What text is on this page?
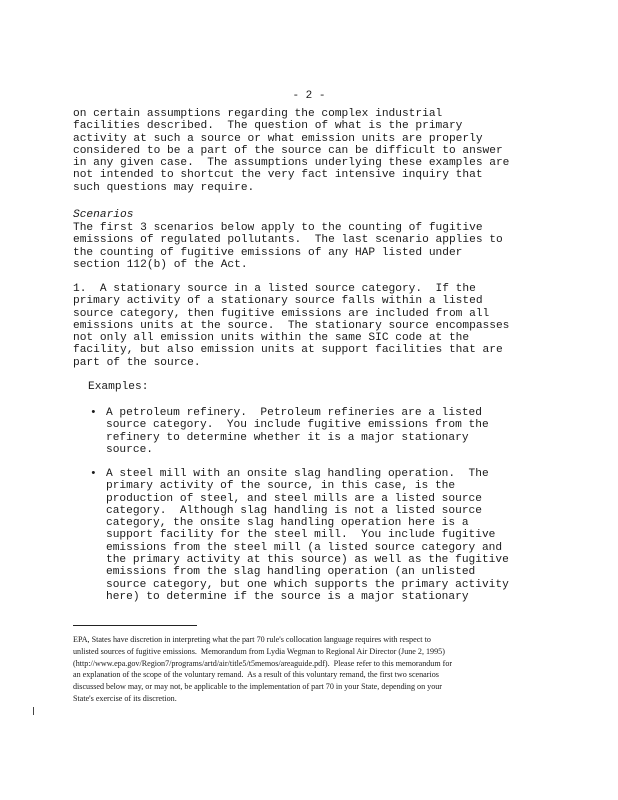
- 2 -
on certain assumptions regarding the complex industrial
facilities described.  The question of what is the primary
activity at such a source or what emission units are properly
considered to be a part of the source can be difficult to answer
in any given case.  The assumptions underlying these examples are
not intended to shortcut the very fact intensive inquiry that
such questions may require.
Scenarios
The first 3 scenarios below apply to the counting of fugitive
emissions of regulated pollutants.  The last scenario applies to
the counting of fugitive emissions of any HAP listed under
section 112(b) of the Act.
1.  A stationary source in a listed source category.  If the
primary activity of a stationary source falls within a listed
source category, then fugitive emissions are included from all
emissions units at the source.  The stationary source encompasses
not only all emission units within the same SIC code at the
facility, but also emission units at support facilities that are
part of the source.
Examples:
• A petroleum refinery.  Petroleum refineries are a listed
source category.  You include fugitive emissions from the
refinery to determine whether it is a major stationary
source.
• A steel mill with an onsite slag handling operation.  The
primary activity of the source, in this case, is the
production of steel, and steel mills are a listed source
category.  Although slag handling is not a listed source
category, the onsite slag handling operation here is a
support facility for the steel mill.  You include fugitive
emissions from the steel mill (a listed source category and
the primary activity at this source) as well as the fugitive
emissions from the slag handling operation (an unlisted
source category, but one which supports the primary activity
here) to determine if the source is a major stationary
EPA, States have discretion in interpreting what the part 70 rule's collocation language requires with respect to
unlisted sources of fugitive emissions.  Memorandum from Lydia Wegman to Regional Air Director (June 2, 1995)
(http://www.epa.gov/Region7/programs/artd/air/title5/t5memos/areaguide.pdf).  Please refer to this memorandum for
an explanation of the scope of the voluntary remand.  As a result of this voluntary remand, the first two scenarios
discussed below may, or may not, be applicable to the implementation of part 70 in your State, depending on your
State's exercise of its discretion.
